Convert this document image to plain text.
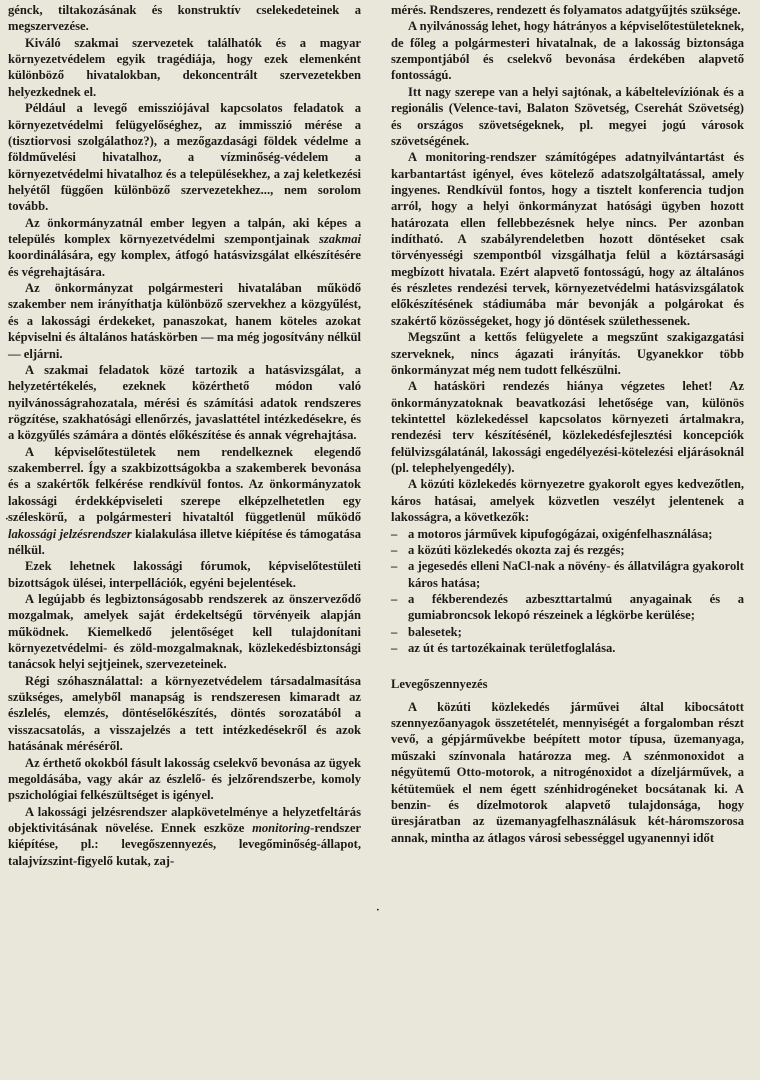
génck, tiltakozásának és konstruktív cselekedeteinek a megszervezése.

Kiváló szakmai szervezetek találhatók és a magyar környezetvédelem egyik tragédiája, hogy ezek elemenként különböző hivatalokban, dekoncentrált szervezetekben helyezkednek el.

Például a levegő emissziójával kapcsolatos feladatok a környezetvédelmi felügyelőséghez, az immisszió mérése a (tisztiorvosi szolgálathoz?), a mezőgazdasági földek védelme a földművelési hivatalhoz, a vízminőség-védelem a környezetvédelmi hivatalhoz és a településekhez, a zaj keletkezési helyétől függően különböző szervezetekhez..., nem sorolom tovább.

Az önkormányzatnál ember legyen a talpán, aki képes a település komplex környezetvédelmi szempontjainak szakmai koordinálására, egy komplex, átfogó hatásvizsgálat elkészítésére és végrehajtására.

Az önkormányzat polgármesteri hivatalában működő szakember nem irányíthatja különböző szervekhez a közgyűlést, és a lakossági érdekeket, panaszokat, hanem köteles azokat képviselni és általános hatáskörben — ma még jogosítvány nélkül — eljárni.

A szakmai feladatok közé tartozik a hatásvizsgálat, a helyzetértékelés, ezeknek közérthető módon való nyilvánosságrahozatala, mérési és számítási adatok rendszeres rögzítése, szakhatósági ellenőrzés, javaslattétel intézkedésekre, és a közgyűlés számára a döntés előkészítése és annak végrehajtása.

A képviselőtestületek nem rendelkeznek elegendő szakemberrel. Így a szakbizottságokba a szakemberek bevonása és a szakértők felkérése rendkívül fontos. Az önkormányzatok lakossági érdekképviseleti szerepe elképzelhetetlen egy széleskörű, a polgármesteri hivataltól függetlenül működő lakossági jelzésrendszer kialakulása illetve kiépítése és támogatása nélkül.

Ezek lehetnek lakossági fórumok, képviselőtestületi bizottságok ülései, interpellációk, egyéni bejelentések.

A legújabb és legbiztonságosabb rendszerek az önszerveződő mozgalmak, amelyek saját érdekeltségű törvényeik alapján működnek. Kiemelkedő jelentőséget kell tulajdonítani környezetvédelmi- és zöld-mozgalmaknak, közlekedésbiztonsági tanácsok helyi sejtjeinek, szervezeteinek.

Régi szóhasználattal: a környezetvédelem társadalmasítása szükséges, amelyből manapság is rendszeresen kimaradt az észlelés, elemzés, döntéselőkészítés, döntés sorozatából a visszacsatolás, a visszajelzés a tett intézkedésekről és azok hatásának méréséről.

Az érthető okokból fásult lakosság cselekvő bevonása az ügyek megoldásába, vagy akár az észlelő- és jelzőrendszerbe, komoly pszichológiai felkészültséget is igényel.

A lakossági jelzésrendszer alapkövetelménye a helyzetfeltárás objektivitásának növelése. Ennek eszköze monitoring-rendszer kiépítése, pl.: levegőszennyezés, levegőminőség-állapot, talajvízszint-figyelő kutak, zaj-

mérés. Rendszeres, rendezett és folyamatos adatgyűjtés szüksége.

A nyilvánosság lehet, hogy hátrányos a képviselőtestületeknek, de főleg a polgármesteri hivatalnak, de a lakosság biztonsága szempontjából és cselekvő bevonása érdekében alapvető fontosságú.

Itt nagy szerepe van a helyi sajtónak, a kábeltelevíziónak és a regionális (Velence-tavi, Balaton Szövetség, Cserehát Szövetség) és országos szövetségeknek, pl. megyei jogú városok szövetségének.

A monitoring-rendszer számítógépes adatnyilvántartást és karbantartást igényel, éves kötelező adatszolgáltatással, amely ingyenes. Rendkívül fontos, hogy a tisztelt konferencia tudjon arról, hogy a helyi önkormányzat hatósági ügyben hozott határozata ellen fellebbezésnek helye nincs. Per azonban indítható. A szabályrendeletben hozott döntéseket csak törvényességi szempontból vizsgálhatja felül a köztársasági megbízott hivatala. Ezért alapvető fontosságú, hogy az általános és részletes rendezési tervek, környezetvédelmi hatásvizsgálatok előkészítésének stádiumába már bevonják a polgárokat és szakértő közösségeket, hogy jó döntések születhessenek.

Megszűnt a kettős felügyelete a megszűnt szakigazgatási szerveknek, nincs ágazati irányítás. Ugyanekkor több önkormányzat még nem tudott felkészülni.

A hatásköri rendezés hiánya végzetes lehet! Az önkormányzatoknak beavatkozási lehetősége van, különös tekintettel közlekedéssel kapcsolatos környezeti ártalmakra, rendezési terv készítésénél, közlekedésfejlesztési koncepciók felülvizsgálatánál, lakossági engedélyezési-kötelezési eljárásoknál (pl. telephelyengedély).

A közúti közlekedés környezetre gyakorolt egyes kedvezőtlen, káros hatásai, amelyek közvetlen veszélyt jelentenek a lakosságra, a következők:

– a motoros járművek kipufogógázai, oxigénfelhasználása;
– a közúti közlekedés okozta zaj és rezgés;
– a jegesedés elleni NaCl-nak a növény- és állatvilágra gyakorolt káros hatása;
– a fékberendezés azbeszttartalmú anyagainak és a gumiabroncsok lekopó részeinek a légkörbe kerülése;
– balesetek;
– az út és tartozékainak területfoglalása.
Levegőszennyezés

A közúti közlekedés járművei által kibocsátott szennyezőanyagok összetételét, mennyiségét a forgalomban részt vevő, a gépjárművekbe beépített motor típusa, üzemanyaga, műszaki színvonala határozza meg. A szénmonoxidot a négyütemű Otto-motorok, a nitrogénoxidot a dízeljárművek, a kétütemüek el nem égett szénhidrogéneket bocsátanak ki. A benzin- és dízelmotorok alapvető tulajdonsága, hogy üresjáratban az üzemanyagfelhasználásuk két-háromszorosa annak, mintha az átlagos városi sebességgel ugyanennyi időt

·
·
